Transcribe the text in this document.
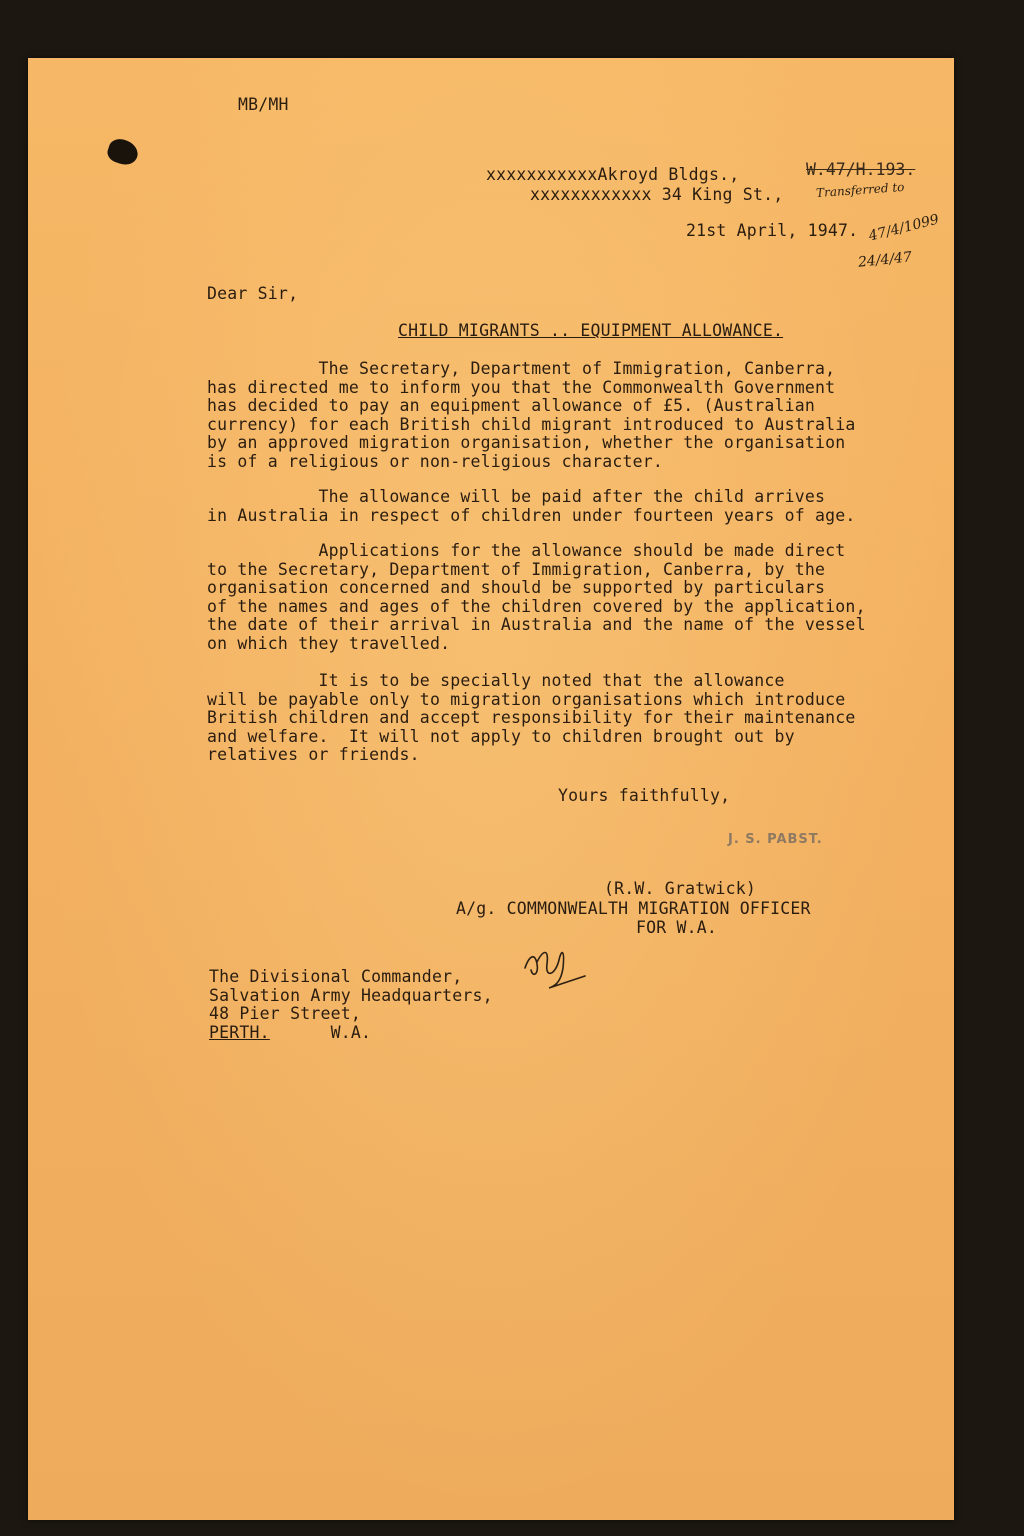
MB/MH
xxxxxxxxxxxAkroyd Bldgs.,
xxxxxxxxxxxx 34 King St.,
W.47/H.193.
Transferred to
21st April, 1947. 47/4/1099
24/4/47
Dear Sir,
CHILD MIGRANTS .. EQUIPMENT ALLOWANCE.
The Secretary, Department of Immigration, Canberra,
has directed me to inform you that the Commonwealth Government
has decided to pay an equipment allowance of £5. (Australian
currency) for each British child migrant introduced to Australia
by an approved migration organisation, whether the organisation
is of a religious or non-religious character.
The allowance will be paid after the child arrives
in Australia in respect of children under fourteen years of age.
Applications for the allowance should be made direct
to the Secretary, Department of Immigration, Canberra, by the
organisation concerned and should be supported by particulars
of the names and ages of the children covered by the application,
the date of their arrival in Australia and the name of the vessel
on which they travelled.
It is to be specially noted that the allowance
will be payable only to migration organisations which introduce
British children and accept responsibility for their maintenance
and welfare.  It will not apply to children brought out by
relatives or friends.
Yours faithfully,
J. S. PABST.
(R.W. Gratwick)
A/g. COMMONWEALTH MIGRATION OFFICER
FOR W.A.
The Divisional Commander,
Salvation Army Headquarters,
48 Pier Street,
PERTH.      W.A.
